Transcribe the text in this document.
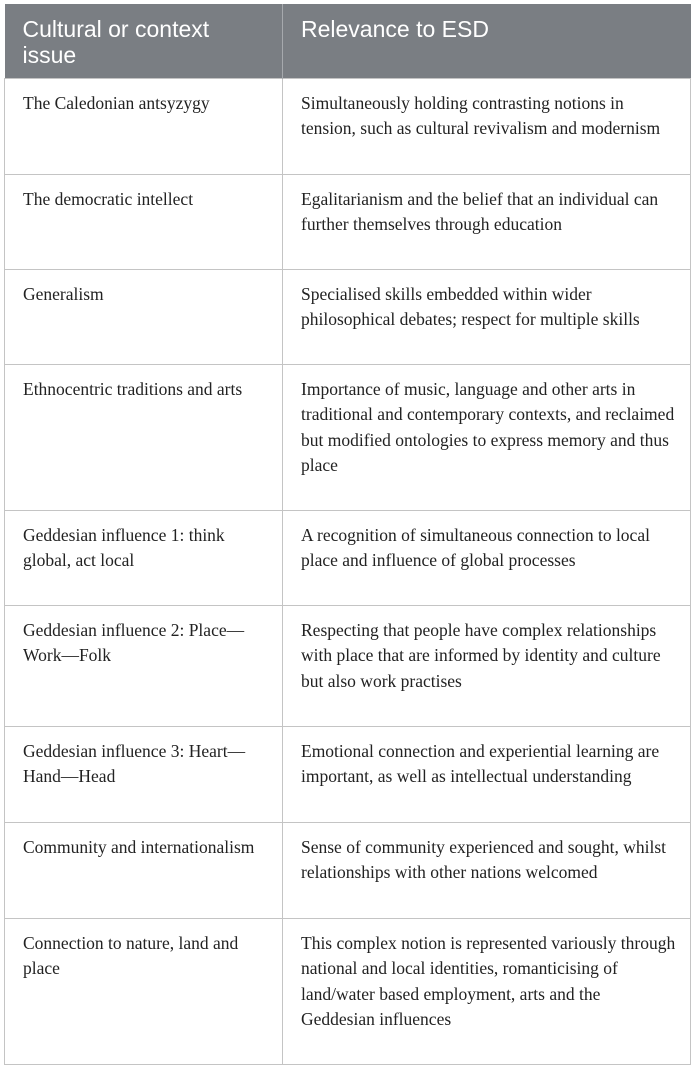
Cultural or context issue	Relevance to ESD
The Caledonian antsyzygy	Simultaneously holding contrasting notions in tension, such as cultural revivalism and modernism
The democratic intellect	Egalitarianism and the belief that an individual can further themselves through education
Generalism	Specialised skills embedded within wider philosophical debates; respect for multiple skills
Ethnocentric traditions and arts	Importance of music, language and other arts in traditional and contemporary contexts, and reclaimed but modified ontologies to express memory and thus place
Geddesian influence 1: think global, act local	A recognition of simultaneous connection to local place and influence of global processes
Geddesian influence 2: Place—Work—Folk	Respecting that people have complex relationships with place that are informed by identity and culture but also work practises
Geddesian influence 3: Heart—Hand—Head	Emotional connection and experiential learning are important, as well as intellectual understanding
Community and internationalism	Sense of community experienced and sought, whilst relationships with other nations welcomed
Connection to nature, land and place	This complex notion is represented variously through national and local identities, romanticising of land/water based employment, arts and the Geddesian influences
